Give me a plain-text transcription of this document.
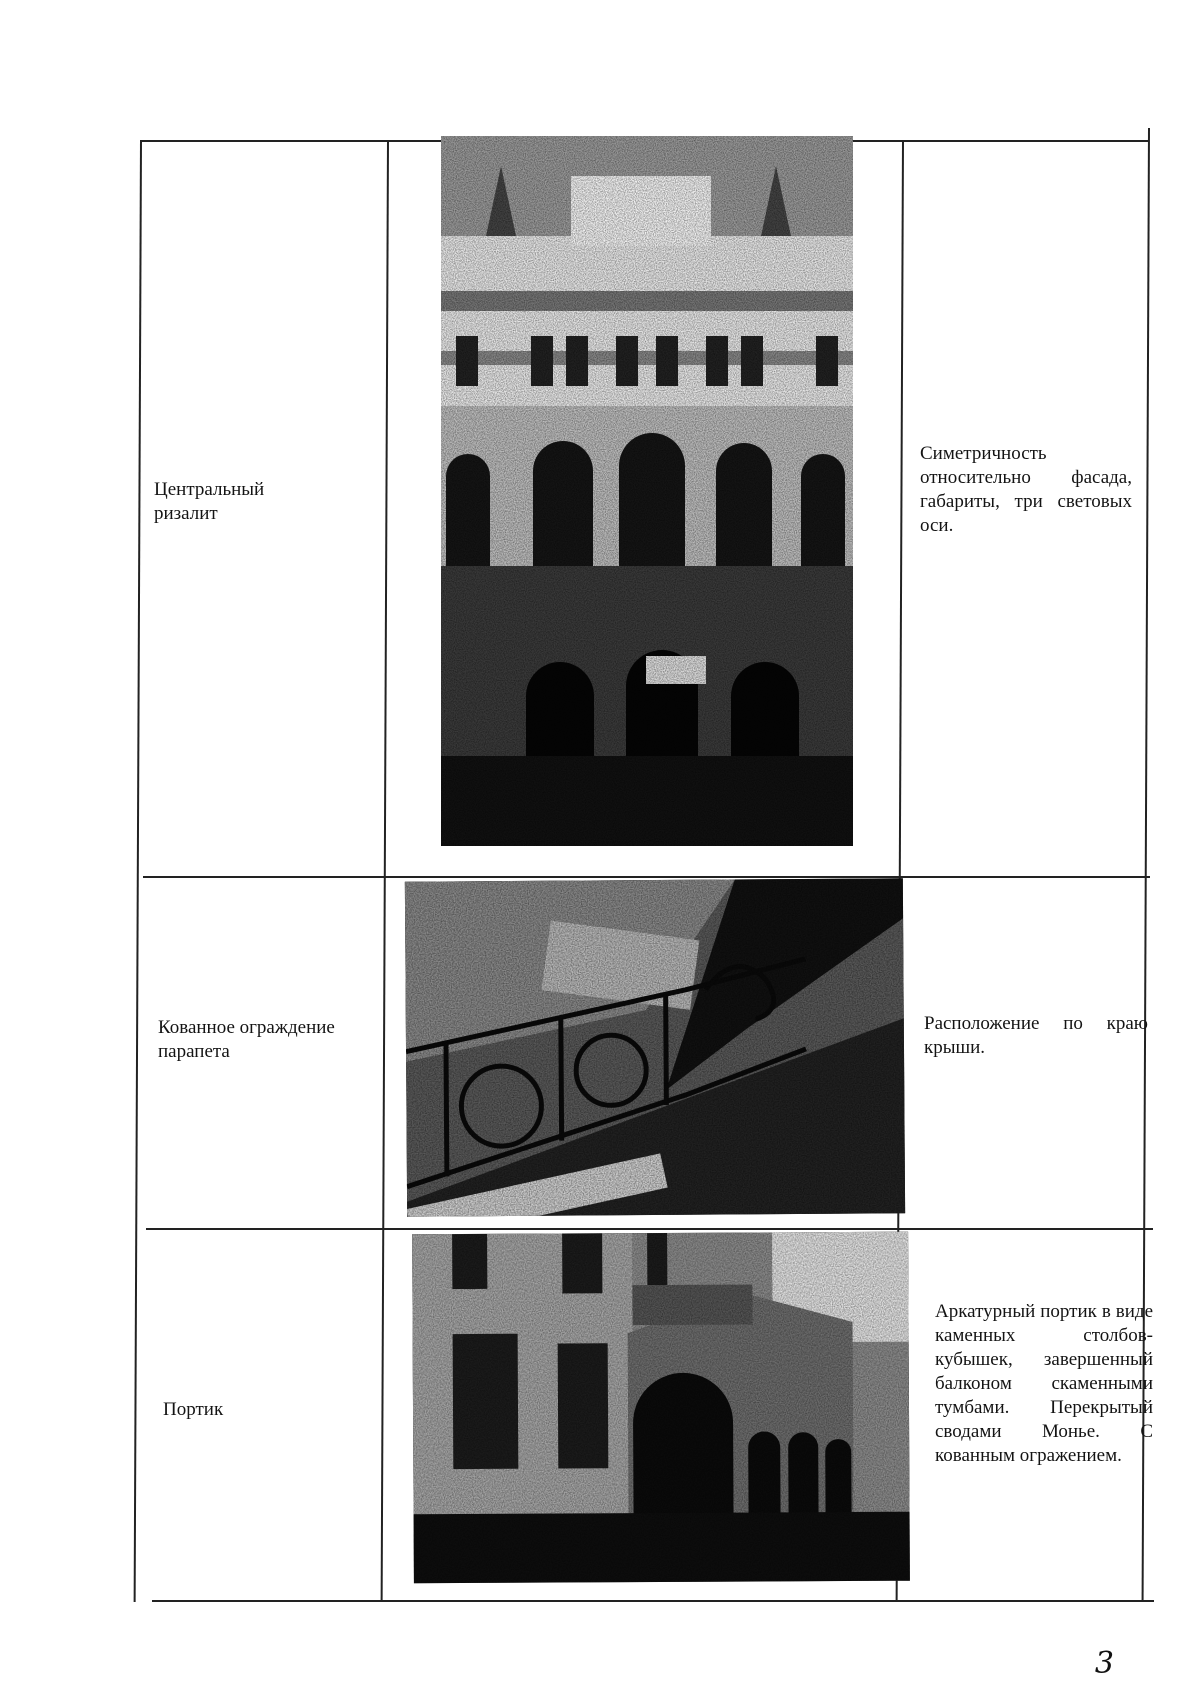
Центральный ризалит
Симетричность относительно фасада, габариты, три световых оси.
Кованное ограждение парапета
Расположение по краю крыши.
Портик
Аркатурный портик в виде каменных столбов-кубышек, завершенный балконом скаменными тумбами. Перекрытый сводами Монье. С кованным огражением.
3
